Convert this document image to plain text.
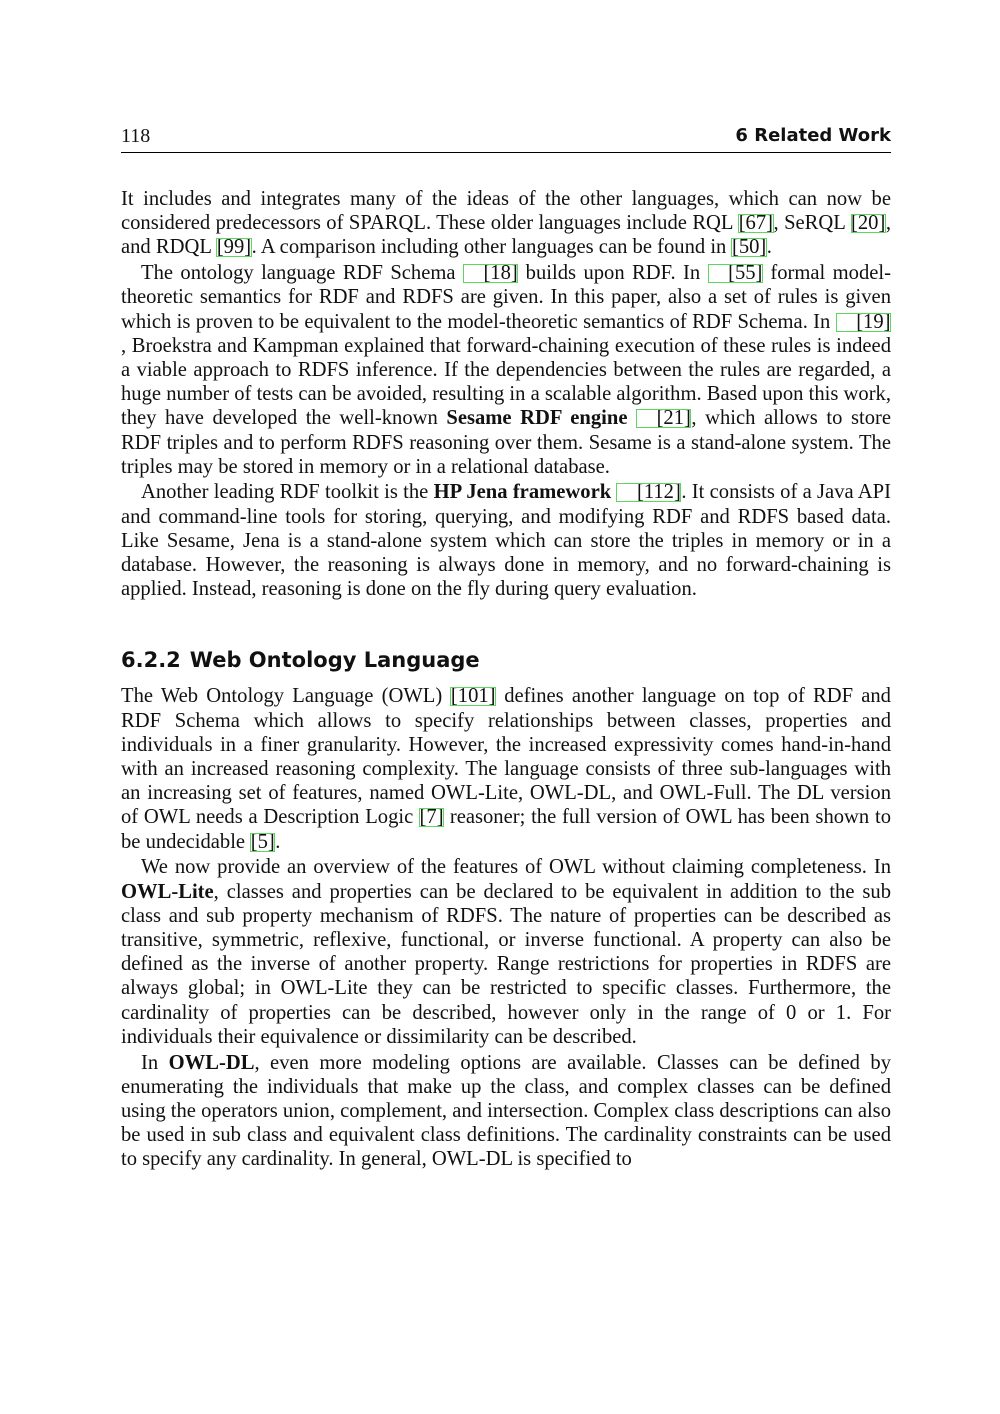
118	6 Related Work

It includes and integrates many of the ideas of the other languages, which can now be considered predecessors of SPARQL. These older languages include RQL [67], SeRQL [20], and RDQL [99]. A comparison including other languages can be found in [50].

The ontology language RDF Schema [18] builds upon RDF. In [55] formal model-theoretic semantics for RDF and RDFS are given. In this paper, also a set of rules is given which is proven to be equivalent to the model-theoretic semantics of RDF Schema. In [19], Broekstra and Kampman explained that forward-chaining execution of these rules is indeed a viable approach to RDFS inference. If the dependencies between the rules are regarded, a huge number of tests can be avoided, resulting in a scalable algorithm. Based upon this work, they have developed the well-known Sesame RDF engine [21], which allows to store RDF triples and to perform RDFS reasoning over them. Sesame is a stand-alone system. The triples may be stored in memory or in a relational database.

Another leading RDF toolkit is the HP Jena framework [112]. It consists of a Java API and command-line tools for storing, querying, and modifying RDF and RDFS based data. Like Sesame, Jena is a stand-alone system which can store the triples in memory or in a database. However, the reasoning is always done in memory, and no forward-chaining is applied. Instead, reasoning is done on the fly during query evaluation.

6.2.2 Web Ontology Language

The Web Ontology Language (OWL) [101] defines another language on top of RDF and RDF Schema which allows to specify relationships between classes, properties and individuals in a finer granularity. However, the increased expressivity comes hand-in-hand with an increased reasoning complexity. The language consists of three sub-languages with an increasing set of features, named OWL-Lite, OWL-DL, and OWL-Full. The DL version of OWL needs a Description Logic [7] reasoner; the full version of OWL has been shown to be undecidable [5].

We now provide an overview of the features of OWL without claiming completeness. In OWL-Lite, classes and properties can be declared to be equivalent in addition to the sub class and sub property mechanism of RDFS. The nature of properties can be described as transitive, symmetric, reflexive, functional, or inverse functional. A property can also be defined as the inverse of another property. Range restrictions for properties in RDFS are always global; in OWL-Lite they can be restricted to specific classes. Furthermore, the cardinality of properties can be described, however only in the range of 0 or 1. For individuals their equivalence or dissimilarity can be described.

In OWL-DL, even more modeling options are available. Classes can be defined by enumerating the individuals that make up the class, and complex classes can be defined using the operators union, complement, and intersection. Complex class descriptions can also be used in sub class and equivalent class definitions. The cardinality constraints can be used to specify any cardinality. In general, OWL-DL is specified to
